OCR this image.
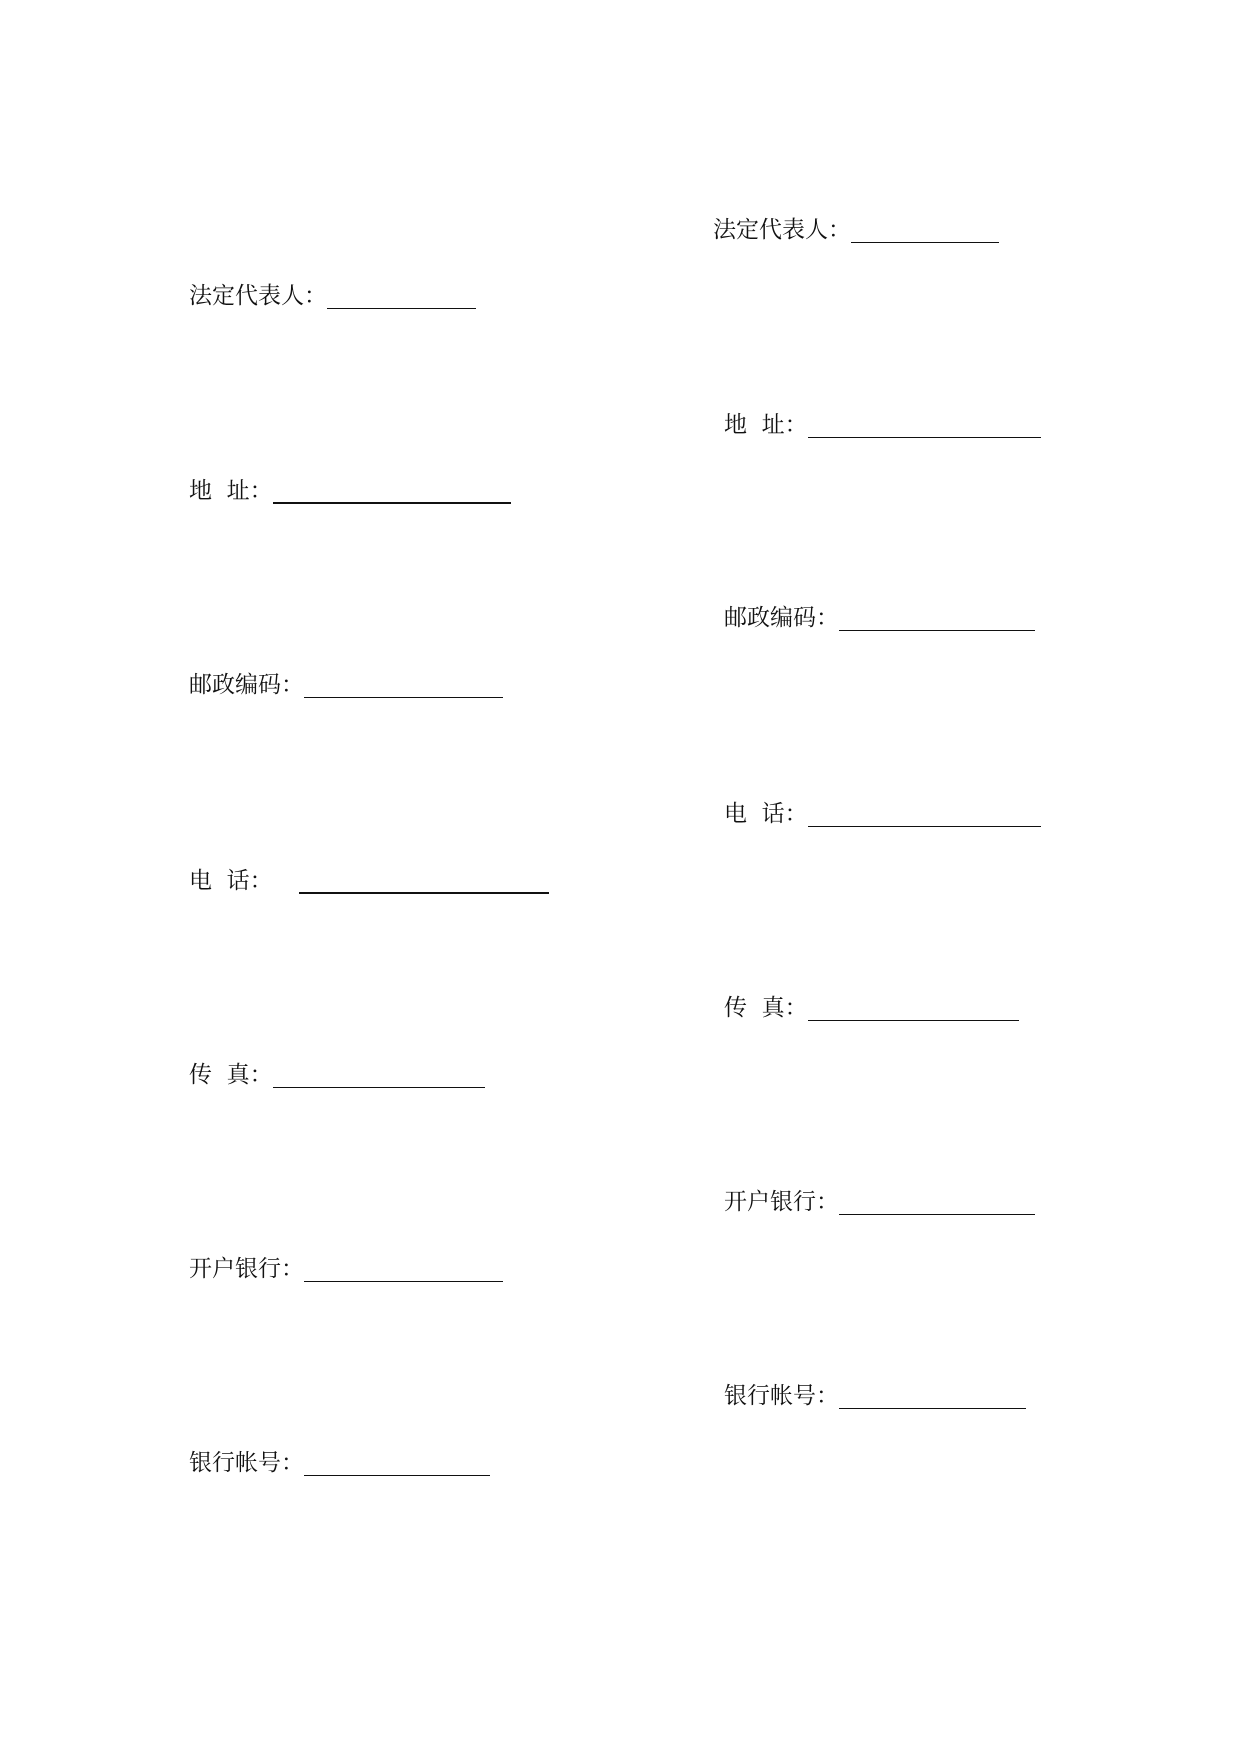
法定代表人：
地  址：
邮政编码：
电  话：
传  真：
开户银行：
银行帐号：
法定代表人：
地  址：
邮政编码：
电  话：
传  真：
开户银行：
银行帐号：
